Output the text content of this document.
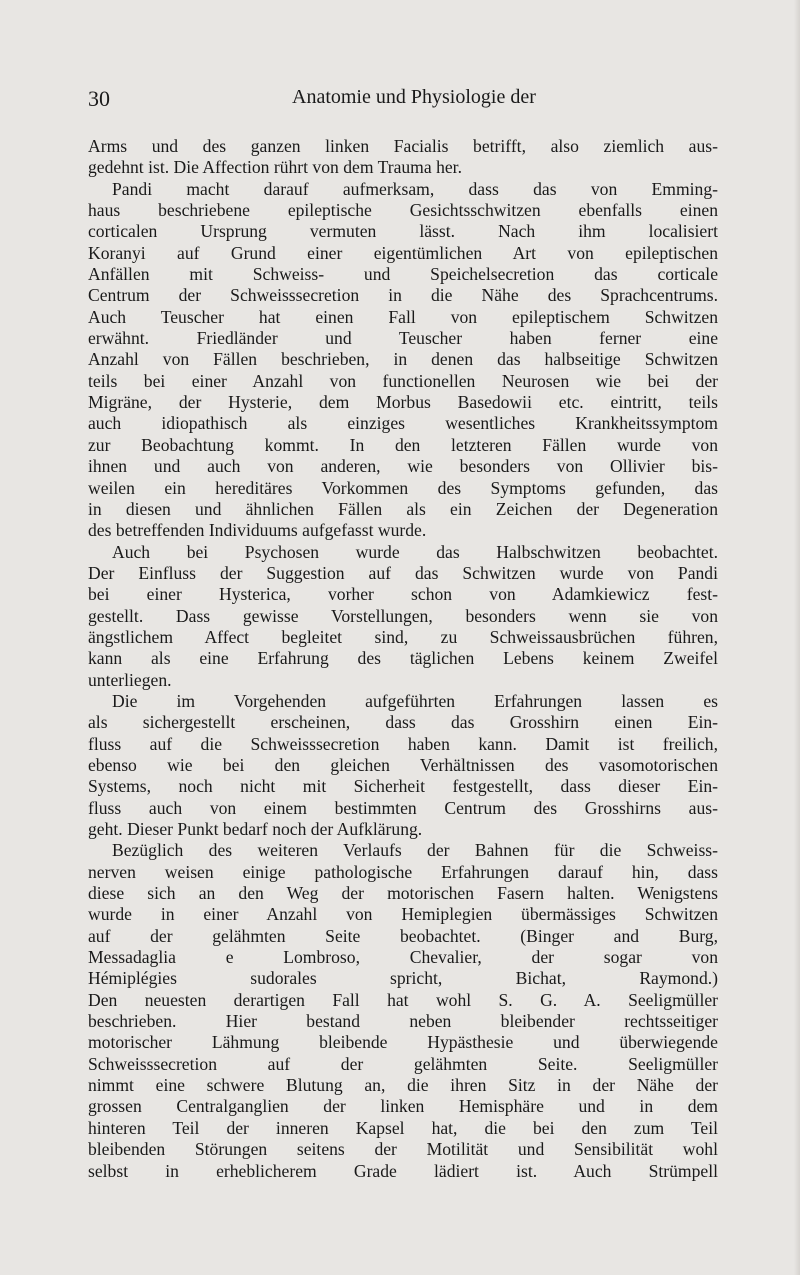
30	Anatomie und Physiologie der
Arms und des ganzen linken Facialis betrifft, also ziemlich aus-
gedehnt ist. Die Affection rührt von dem Trauma her.
Pandi macht darauf aufmerksam, dass das von Emming-
haus beschriebene epileptische Gesichtsschwitzen ebenfalls einen
corticalen Ursprung vermuten lässt. Nach ihm localisiert
Koranyi auf Grund einer eigentümlichen Art von epileptischen
Anfällen mit Schweiss- und Speichelsecretion das corticale
Centrum der Schweisssecretion in die Nähe des Sprachcentrums.
Auch Teuscher hat einen Fall von epileptischem Schwitzen
erwähnt. Friedländer und Teuscher haben ferner eine
Anzahl von Fällen beschrieben, in denen das halbseitige Schwitzen
teils bei einer Anzahl von functionellen Neurosen wie bei der
Migräne, der Hysterie, dem Morbus Basedowii etc. eintritt, teils
auch idiopathisch als einziges wesentliches Krankheitssymptom
zur Beobachtung kommt. In den letzteren Fällen wurde von
ihnen und auch von anderen, wie besonders von Ollivier bis-
weilen ein hereditäres Vorkommen des Symptoms gefunden, das
in diesen und ähnlichen Fällen als ein Zeichen der Degeneration
des betreffenden Individuums aufgefasst wurde.
Auch bei Psychosen wurde das Halbschwitzen beobachtet.
Der Einfluss der Suggestion auf das Schwitzen wurde von Pandi
bei einer Hysterica, vorher schon von Adamkiewicz fest-
gestellt. Dass gewisse Vorstellungen, besonders wenn sie von
ängstlichem Affect begleitet sind, zu Schweissausbrüchen führen,
kann als eine Erfahrung des täglichen Lebens keinem Zweifel
unterliegen.
Die im Vorgehenden aufgeführten Erfahrungen lassen es
als sichergestellt erscheinen, dass das Grosshirn einen Ein-
fluss auf die Schweisssecretion haben kann. Damit ist freilich,
ebenso wie bei den gleichen Verhältnissen des vasomotorischen
Systems, noch nicht mit Sicherheit festgestellt, dass dieser Ein-
fluss auch von einem bestimmten Centrum des Grosshirns aus-
geht. Dieser Punkt bedarf noch der Aufklärung.
Bezüglich des weiteren Verlaufs der Bahnen für die Schweiss-
nerven weisen einige pathologische Erfahrungen darauf hin, dass
diese sich an den Weg der motorischen Fasern halten. Wenigstens
wurde in einer Anzahl von Hemiplegien übermässiges Schwitzen
auf der gelähmten Seite beobachtet. (Binger and Burg,
Messadaglia e Lombroso, Chevalier, der sogar von
Hémiplégies sudorales spricht, Bichat, Raymond.)
Den neuesten derartigen Fall hat wohl S. G. A. Seeligmüller
beschrieben. Hier bestand neben bleibender rechtsseitiger
motorischer Lähmung bleibende Hypästhesie und überwiegende
Schweisssecretion auf der gelähmten Seite. Seeligmüller
nimmt eine schwere Blutung an, die ihren Sitz in der Nähe der
grossen Centralganglien der linken Hemisphäre und in dem
hinteren Teil der inneren Kapsel hat, die bei den zum Teil
bleibenden Störungen seitens der Motilität und Sensibilität wohl
selbst in erheblicherem Grade lädiert ist. Auch Strümpell
